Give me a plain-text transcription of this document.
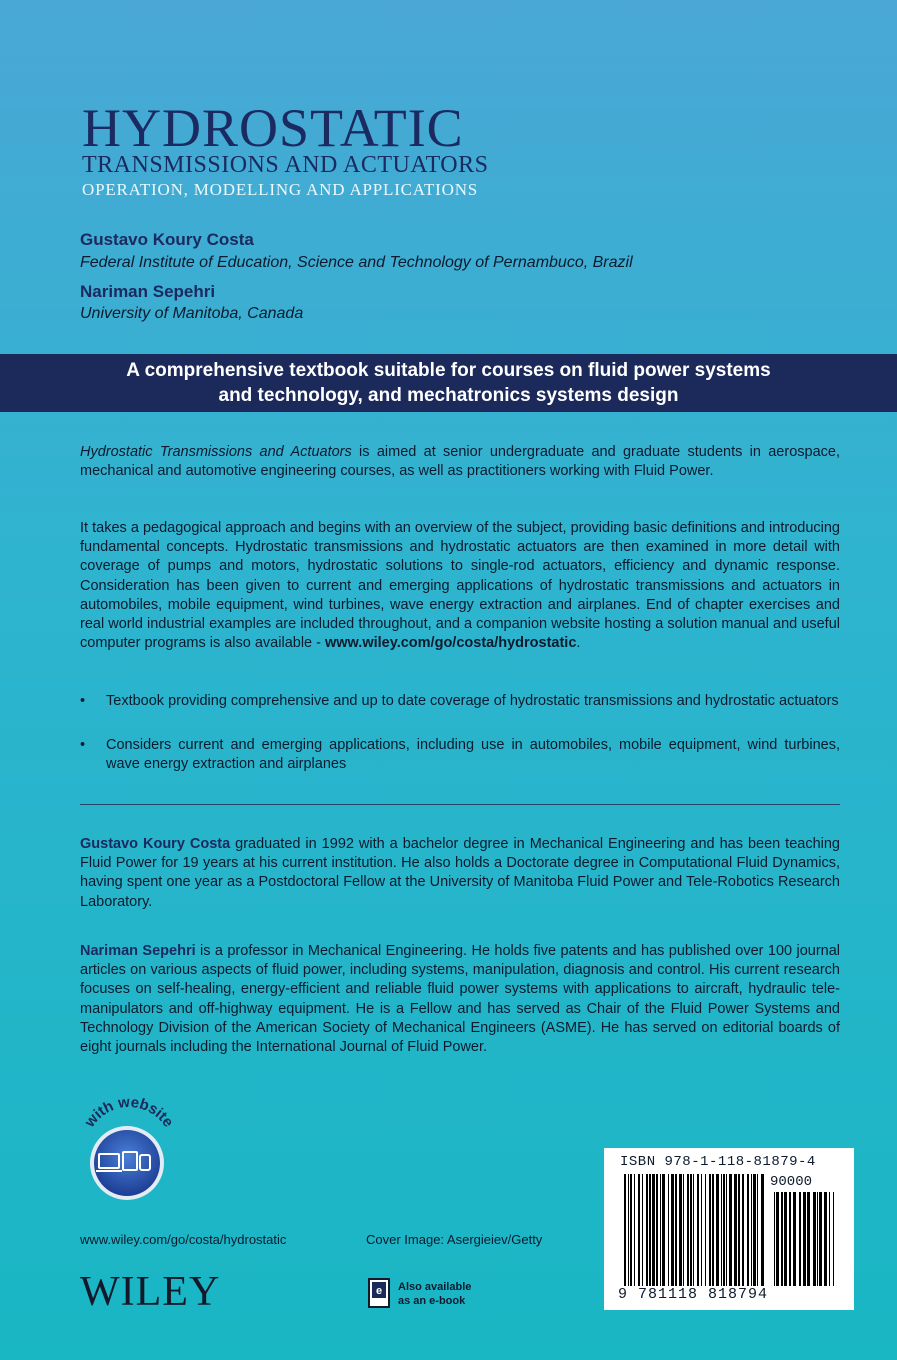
HYDROSTATIC
TRANSMISSIONS AND ACTUATORS
OPERATION, MODELLING AND APPLICATIONS
Gustavo Koury Costa
Federal Institute of Education, Science and Technology of Pernambuco, Brazil
Nariman Sepehri
University of Manitoba, Canada
A comprehensive textbook suitable for courses on fluid power systems
and technology, and mechatronics systems design
Hydrostatic Transmissions and Actuators is aimed at senior undergraduate and graduate students in aerospace, mechanical and automotive engineering courses, as well as practitioners working with Fluid Power.
It takes a pedagogical approach and begins with an overview of the subject, providing basic definitions and introducing fundamental concepts. Hydrostatic transmissions and hydrostatic actuators are then examined in more detail with coverage of pumps and motors, hydrostatic solutions to single-rod actuators, efficiency and dynamic response. Consideration has been given to current and emerging applications of hydrostatic transmissions and actuators in automobiles, mobile equipment, wind turbines, wave energy extraction and airplanes. End of chapter exercises and real world industrial examples are included throughout, and a companion website hosting a solution manual and useful computer programs is also available - www.wiley.com/go/costa/hydrostatic.
• Textbook providing comprehensive and up to date coverage of hydrostatic transmissions and hydrostatic actuators
• Considers current and emerging applications, including use in automobiles, mobile equipment, wind turbines, wave energy extraction and airplanes
Gustavo Koury Costa graduated in 1992 with a bachelor degree in Mechanical Engineering and has been teaching Fluid Power for 19 years at his current institution. He also holds a Doctorate degree in Computational Fluid Dynamics, having spent one year as a Postdoctoral Fellow at the University of Manitoba Fluid Power and Tele-Robotics Research Laboratory.
Nariman Sepehri is a professor in Mechanical Engineering. He holds five patents and has published over 100 journal articles on various aspects of fluid power, including systems, manipulation, diagnosis and control. His current research focuses on self-healing, energy-efficient and reliable fluid power systems with applications to aircraft, hydraulic tele-manipulators and off-highway equipment. He is a Fellow and has served as Chair of the Fluid Power Systems and Technology Division of the American Society of Mechanical Engineers (ASME). He has served on editorial boards of eight journals including the International Journal of Fluid Power.
with website
www.wiley.com/go/costa/hydrostatic	Cover Image: Asergieiev/Getty
WILEY	e Also available
as an e-book
ISBN 978-1-118-81879-4
90000
9 781118 818794
